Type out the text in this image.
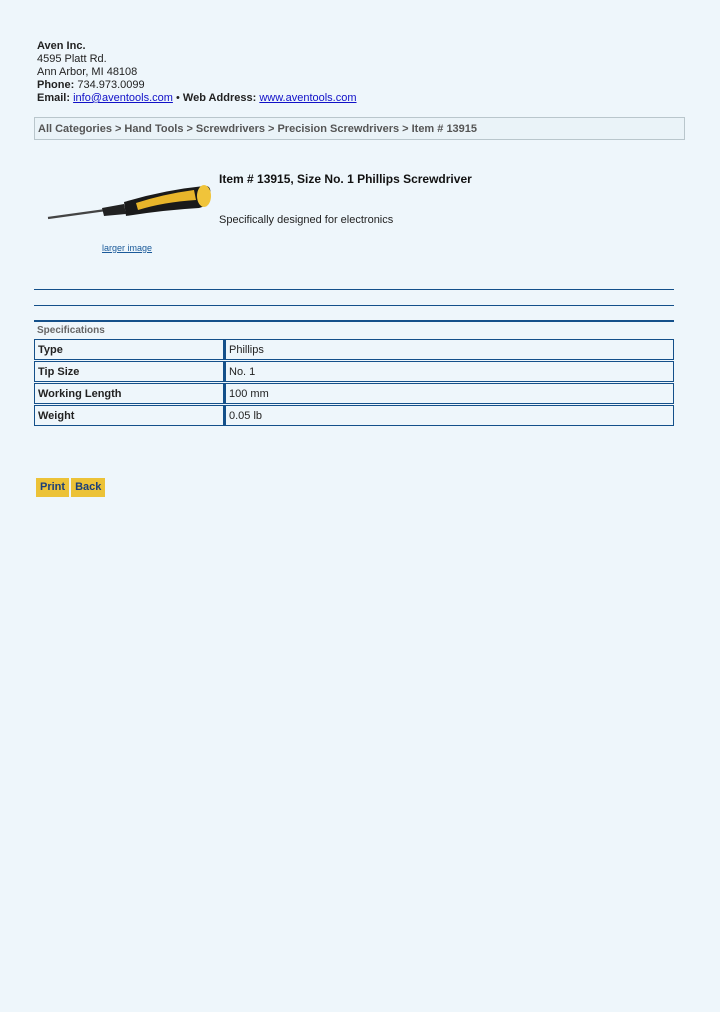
Aven Inc.
4595 Platt Rd.
Ann Arbor, MI 48108
Phone: 734.973.0099
Email: info@aventools.com • Web Address: www.aventools.com
All Categories > Hand Tools > Screwdrivers > Precision Screwdrivers > Item # 13915
larger image
Item # 13915, Size No. 1 Phillips Screwdriver
Specifically designed for electronics
Specifications
Type	Phillips
Tip Size	No. 1
Working Length	100 mm
Weight	0.05 lb
Print Back
